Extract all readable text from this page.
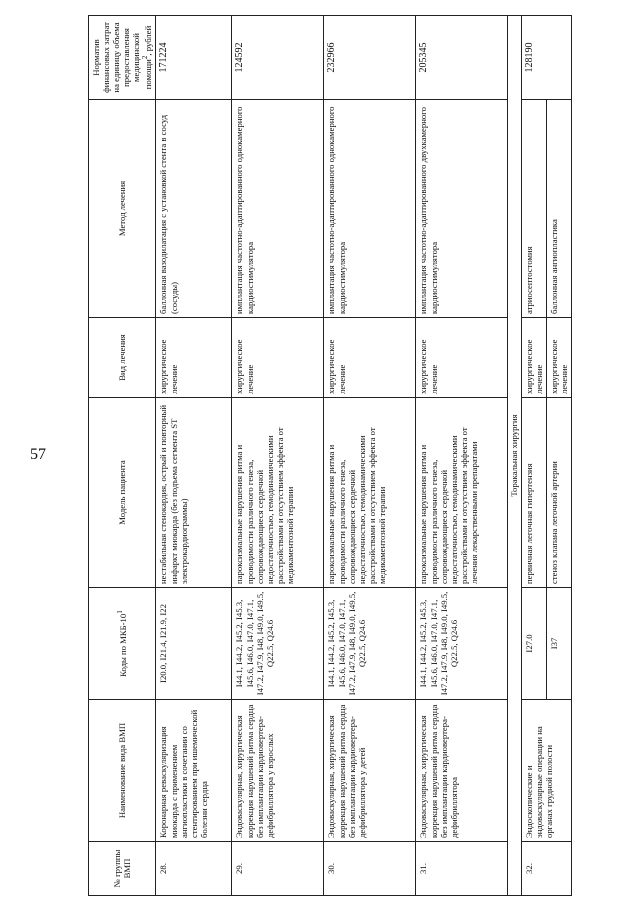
57
№ группы ВМП	Наименование вида ВМП	Коды по МКБ-$10^1$	Модель пациента	Вид лечения	Метод лечения	Норматив финансовых затрат на единицу объема предоставления медицинской помощи$^2$, рублей
28.	Коронарная реваскуляризация миокарда с применением ангиопластики в сочетании со стентированием при ишемической болезни сердца	I20.0, I21.4, I21.9, I22	нестабильная стенокардия, острый и повторный инфаркт миокарда (без подъема сегмента ST электрокардиограммы)	хирургическое лечение	баллонная вазодилатация с установкой стента в сосуд (сосуды)	171224
29.	Эндоваскулярная, хирургическая коррекция нарушений ритма сердца без имплантации кардиовертера-дефибриллятора у взрослых	I44.1, I44.2, I45.2, I45.3, I45.6, I46.0, I47.0, I47.1, I47.2, I47.9, I48, I49.0, I49.5, Q22.5, Q24.6	пароксизмальные нарушения ритма и проводимости различного генеза, сопровождающиеся сердечной недостаточностью, гемодинамическими расстройствами и отсутствием эффекта от медикаментозной терапии	хирургическое лечение	имплантация частотно-адаптированного однокамерного кардиостимулятора	124592
30.	Эндоваскулярная, хирургическая коррекция нарушений ритма сердца без имплантации кардиовертера-дефибриллятора у детей	I44.1, I44.2, I45.2, I45.3, I45.6, I46.0, I47.0, I47.1, I47.2, I47.9, I48, I49.0, I49.5, Q22.5, Q24.6	пароксизмальные нарушения ритма и проводимости различного генеза, сопровождающиеся сердечной недостаточностью, гемодинамическими расстройствами и отсутствием эффекта от медикаментозной терапии	хирургическое лечение	имплантация частотно-адаптированного однокамерного кардиостимулятора	232966
31.	Эндоваскулярная, хирургическая коррекция нарушений ритма сердца без имплантации кардиовертера-дефибриллятора	I44.1, I44.2, I45.2, I45.3, I45.6, I46.0, I47.0, I47.1, I47.2, I47.9, I48, I49.0, I49.5, Q22.5, Q24.6	пароксизмальные нарушения ритма и проводимости различного генеза, сопровождающиеся сердечной недостаточностью, гемодинамическими расстройствами и отсутствием эффекта от лечения лекарственными препаратами	хирургическое лечение	имплантация частотно-адаптированного двухкамерного кардиостимулятора	205345
Торакальная хирургия						
32.	Эндоскопические и эндоваскулярные операции на органах грудной полости	I27.0	первичная легочная гипертензия	хирургическое лечение	атриосептостомия	128190
		I37	стеноз клапана легочной артерии	хирургическое лечение	баллонная ангиопластика	
